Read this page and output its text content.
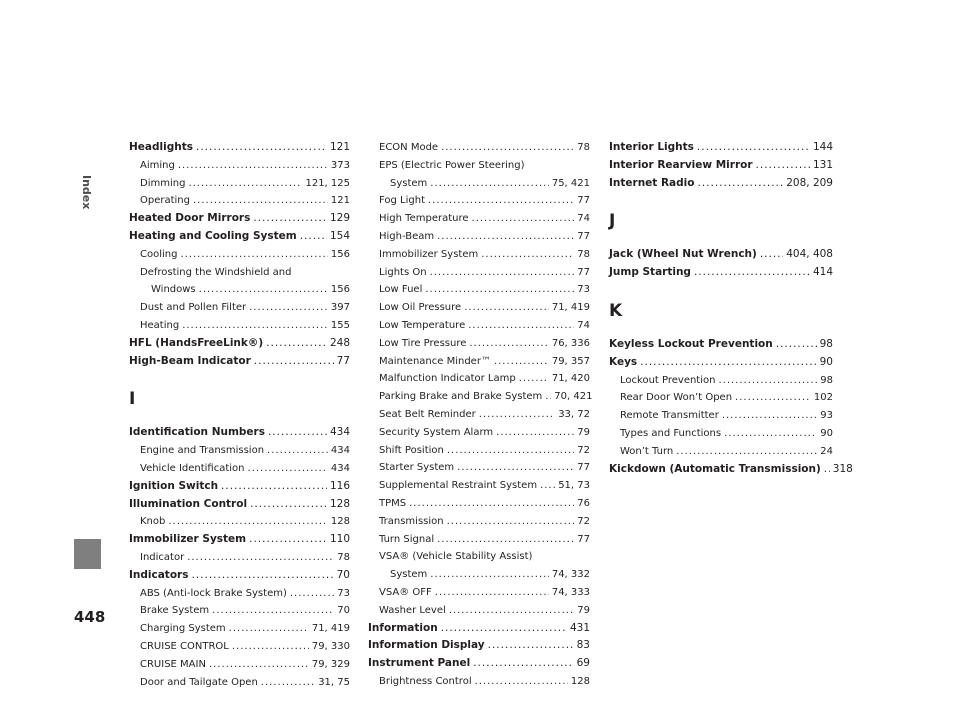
Index
448
Headlights .....	121
Aiming .....	373
Dimming .....	121, 125
Operating .....	121
Heated Door Mirrors .....	129
Heating and Cooling System .....	154
Cooling .....	156
Defrosting the Windshield and
Windows .....	156
Dust and Pollen Filter .....	397
Heating .....	155
HFL (HandsFreeLink®) .....	248
High-Beam Indicator .....	77
I
Identification Numbers .....	434
Engine and Transmission .....	434
Vehicle Identification .....	434
Ignition Switch .....	116
Illumination Control .....	128
Knob .....	128
Immobilizer System .....	110
Indicator .....	78
Indicators .....	70
ABS (Anti-lock Brake System) .....	73
Brake System .....	70
Charging System .....	71, 419
CRUISE CONTROL .....	79, 330
CRUISE MAIN .....	79, 329
Door and Tailgate Open .....	31, 75
ECON Mode .....	78
EPS (Electric Power Steering)
System .....	75, 421
Fog Light .....	77
High Temperature .....	74
High-Beam .....	77
Immobilizer System .....	78
Lights On .....	77
Low Fuel .....	73
Low Oil Pressure .....	71, 419
Low Temperature .....	74
Low Tire Pressure .....	76, 336
Maintenance Minder™ .....	79, 357
Malfunction Indicator Lamp .....	71, 420
Parking Brake and Brake System ..... 70, 421
Seat Belt Reminder .....	33, 72
Security System Alarm .....	79
Shift Position .....	72
Starter System .....	77
Supplemental Restraint System ..... 51, 73
TPMS .....	76
Transmission .....	72
Turn Signal .....	77
VSA® (Vehicle Stability Assist)
System .....	74, 332
VSA® OFF .....	74, 333
Washer Level .....	79
Information .....	431
Information Display .....	83
Instrument Panel .....	69
Brightness Control .....	128
Interior Lights .....	144
Interior Rearview Mirror .....	131
Internet Radio .....	208, 209
J
Jack (Wheel Nut Wrench) .....	404, 408
Jump Starting .....	414
K
Keyless Lockout Prevention .....	98
Keys .....	90
Lockout Prevention .....	98
Rear Door Won’t Open .....	102
Remote Transmitter .....	93
Types and Functions .....	90
Won’t Turn .....	24
Kickdown (Automatic Transmission) ..... 318
